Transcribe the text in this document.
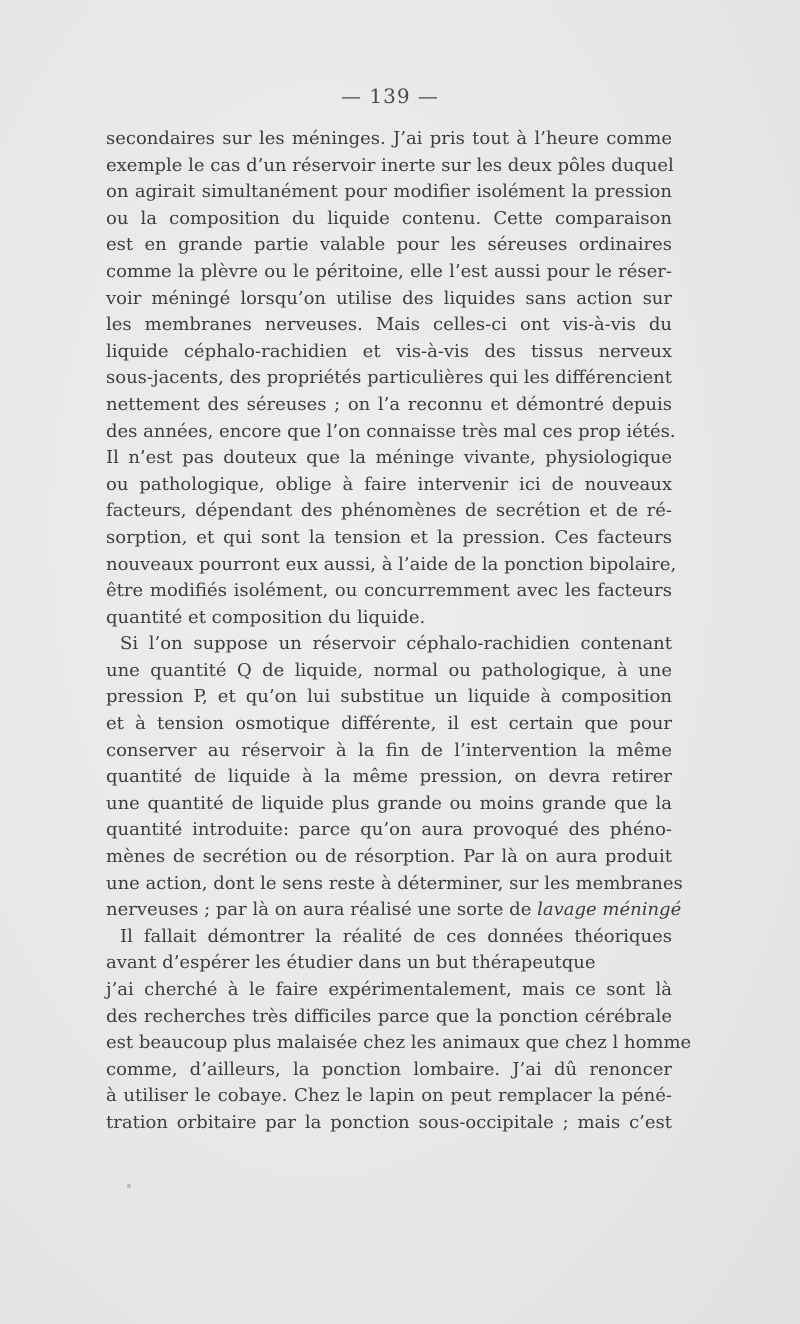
— 139 —
secondaires sur les méninges. J’ai pris tout à l’heure comme
exemple le cas d’un réservoir inerte sur les deux pôles duquel
on agirait simultanément pour modifier isolément la pression
ou la composition du liquide contenu. Cette comparaison
est en grande partie valable pour les séreuses ordinaires
comme la plèvre ou le péritoine, elle l’est aussi pour le réser-
voir méningé lorsqu’on utilise des liquides sans action sur
les membranes nerveuses. Mais celles-ci ont vis-à-vis du
liquide céphalo-rachidien et vis-à-vis des tissus nerveux
sous-jacents, des propriétés particulières qui les différencient
nettement des séreuses ; on l’a reconnu et démontré depuis
des années, encore que l’on connaisse très mal ces prop iétés.
Il n’est pas douteux que la méninge vivante, physiologique
ou pathologique, oblige à faire intervenir ici de nouveaux
facteurs, dépendant des phénomènes de secrétion et de ré-
sorption, et qui sont la tension et la pression. Ces facteurs
nouveaux pourront eux aussi, à l’aide de la ponction bipolaire,
être modifiés isolément, ou concurremment avec les facteurs
quantité et composition du liquide.
Si l’on suppose un réservoir céphalo-rachidien contenant
une quantité Q de liquide, normal ou pathologique, à une
pression P, et qu’on lui substitue un liquide à composition
et à tension osmotique différente, il est certain que pour
conserver au réservoir à la fin de l’intervention la même
quantité de liquide à la même pression, on devra retirer
une quantité de liquide plus grande ou moins grande que la
quantité introduite: parce qu’on aura provoqué des phéno-
mènes de secrétion ou de résorption. Par là on aura produit
une action, dont le sens reste à déterminer, sur les membranes
nerveuses ; par là on aura réalisé une sorte de lavage méningé
Il fallait démontrer la réalité de ces données théoriques
avant d’espérer les étudier dans un but thérapeutque
j’ai cherché à le faire expérimentalement, mais ce sont là
des recherches très difficiles parce que la ponction cérébrale
est beaucoup plus malaisée chez les animaux que chez l homme
comme, d’ailleurs, la ponction lombaire. J’ai dû renoncer
à utiliser le cobaye. Chez le lapin on peut remplacer la péné-
tration orbitaire par la ponction sous-occipitale ; mais c’est
